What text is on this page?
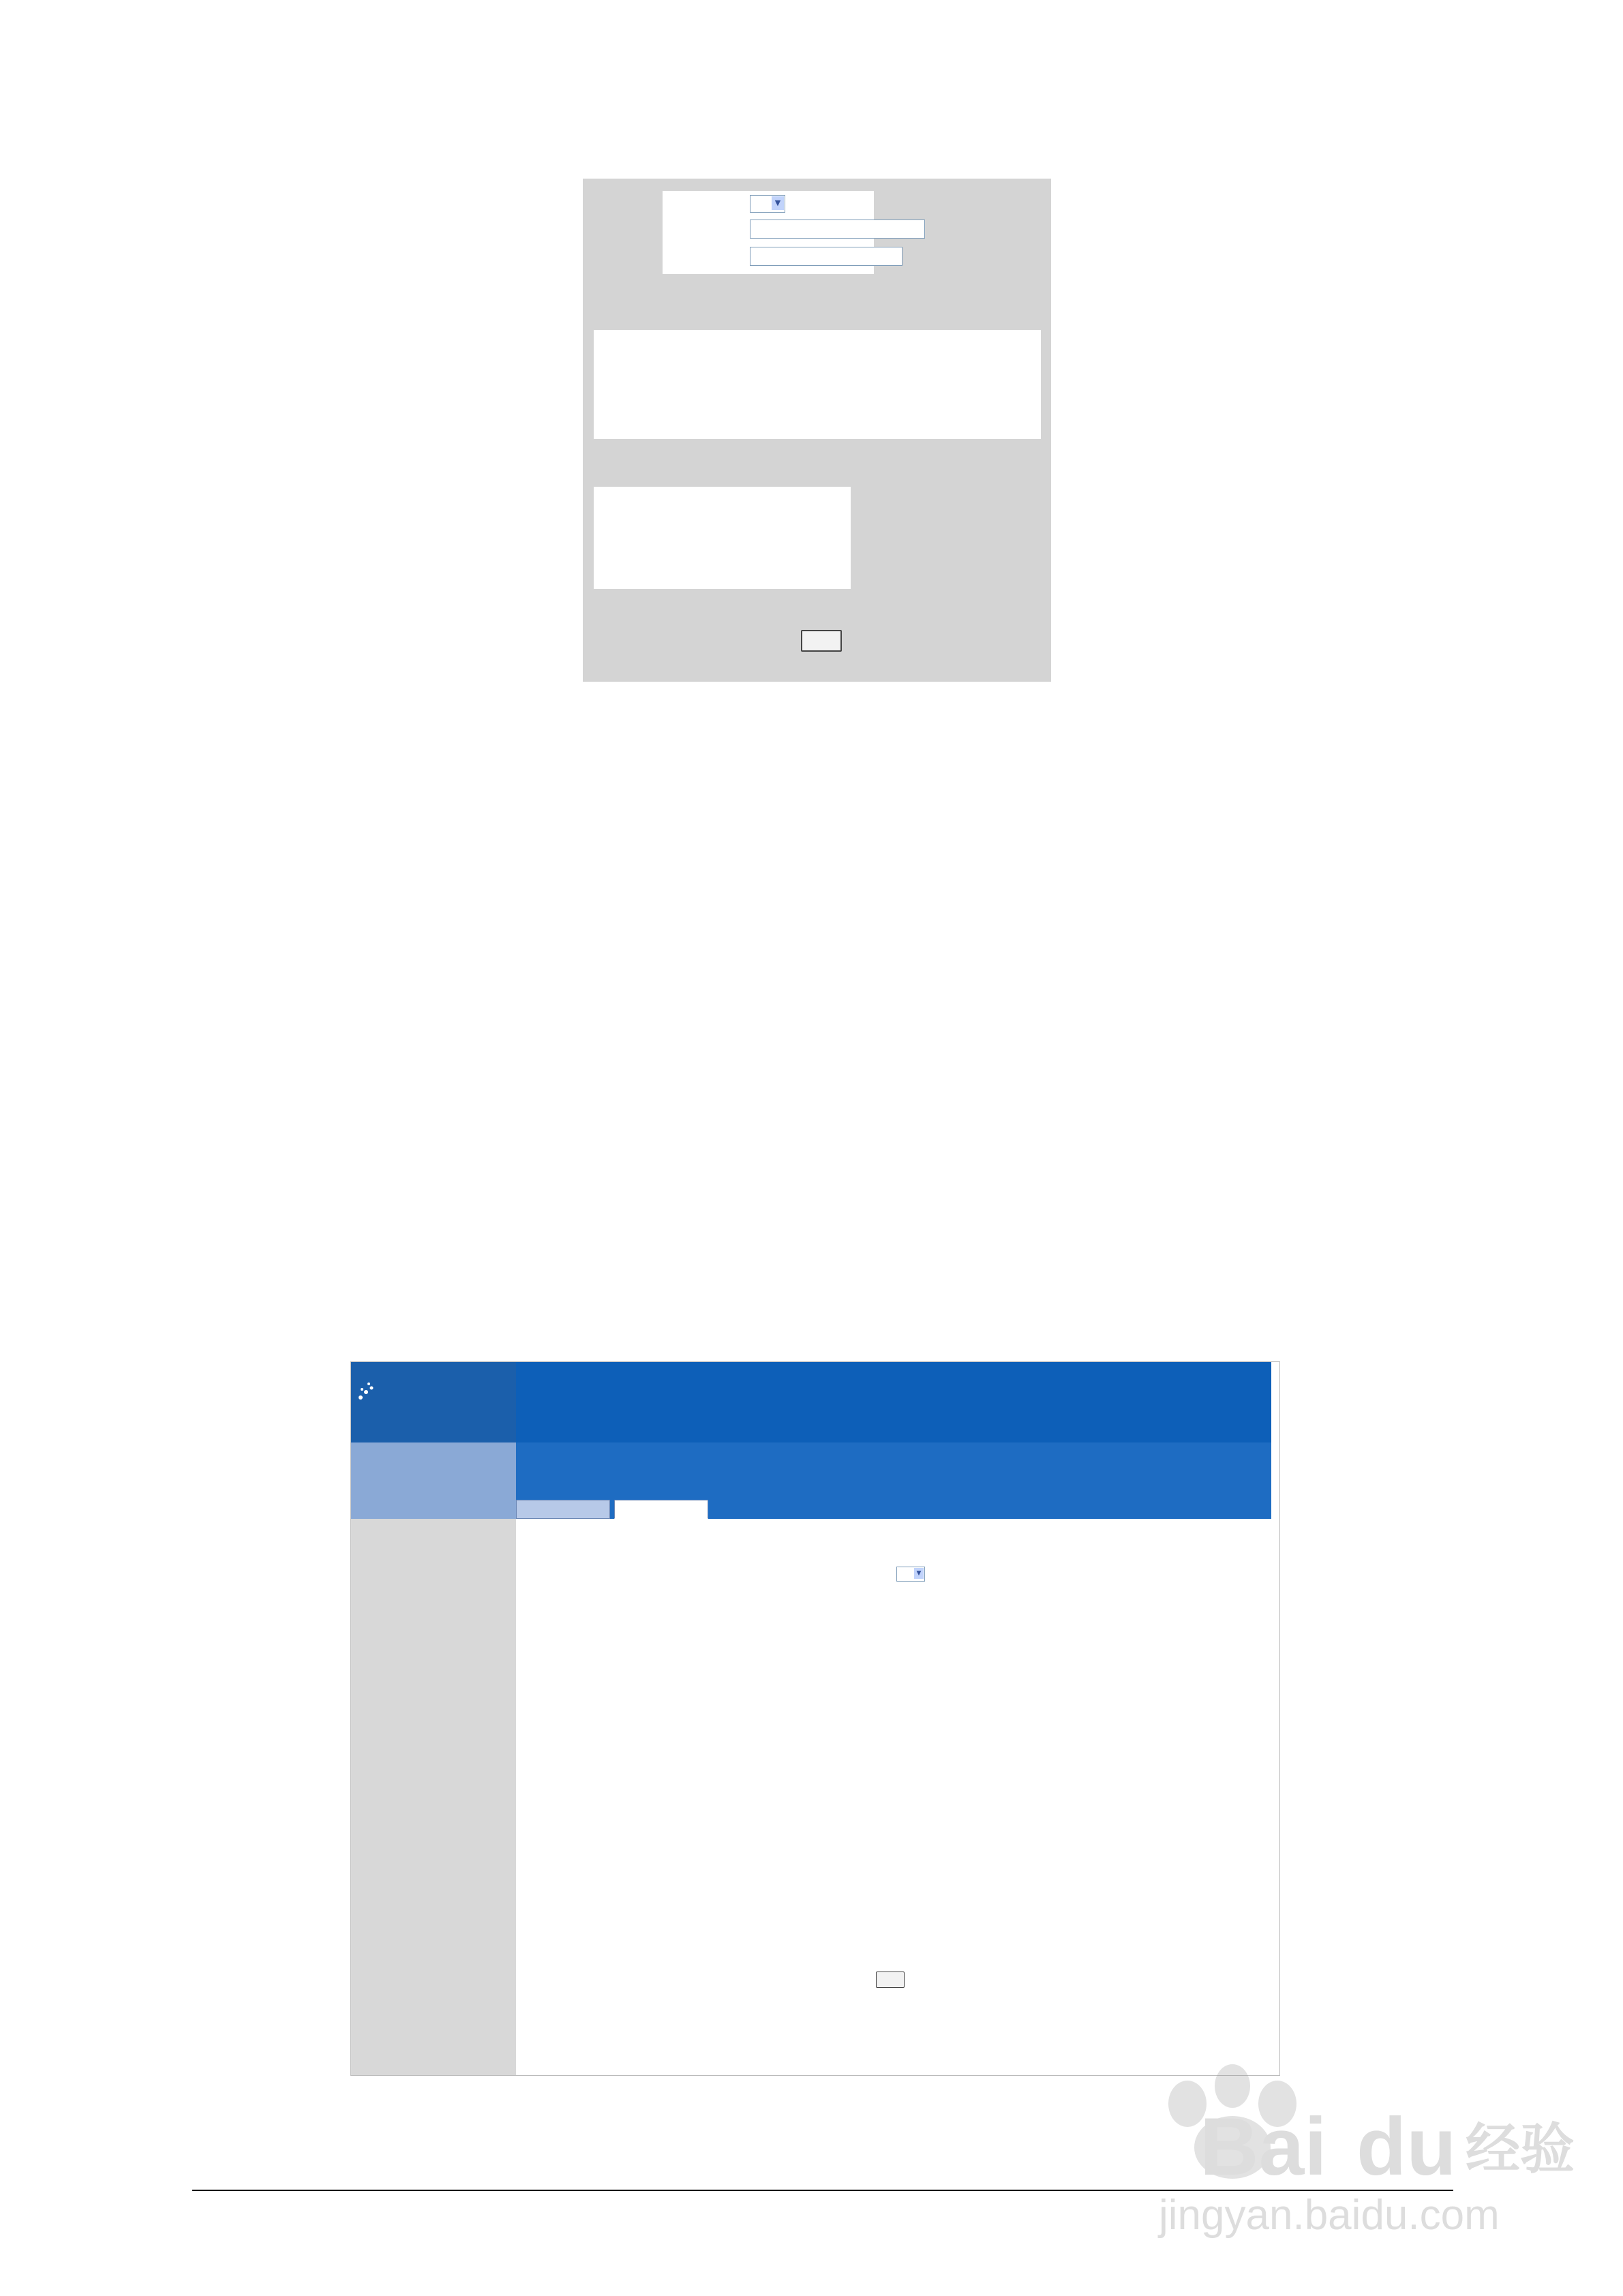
▼
▼
Bai du 经验
jingyan.baidu.com
